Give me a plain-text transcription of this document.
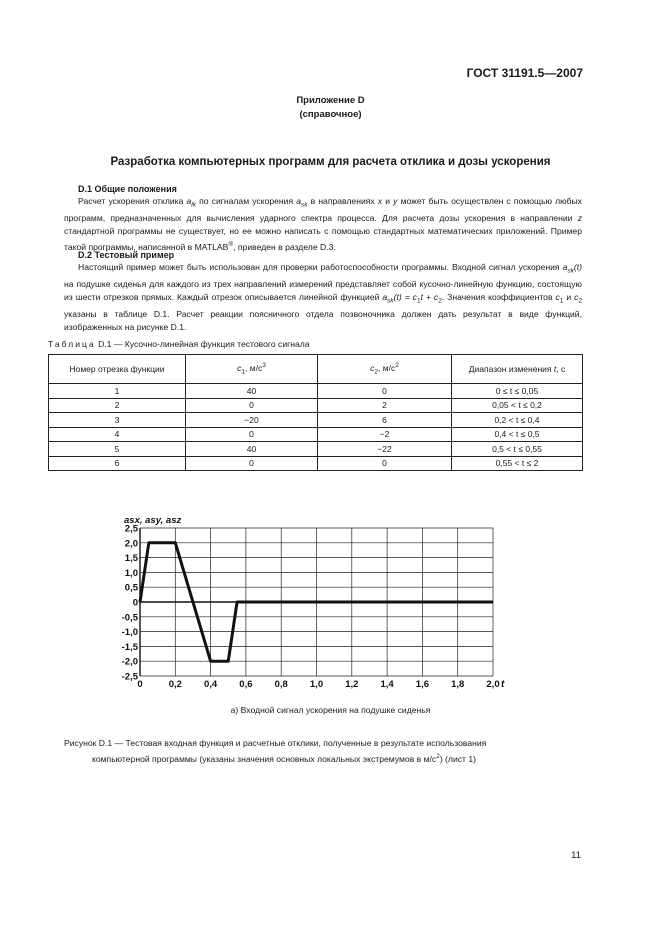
ГОСТ 31191.5—2007
Приложение D
(справочное)
Разработка компьютерных программ для расчета отклика и дозы ускорения
D.1 Общие положения

Расчет ускорения отклика $a_{lk}$ по сигналам ускорения $a_{sk}$ в направлениях x и y может быть осуществлен с помощью любых программ, предназначенных для вычисления ударного спектра процесса. Для расчета дозы ускорения в направлении z стандартной программы не существует, но ее можно написать с помощью стандартных математических приложений. Пример такой программы, написанной в MATLAB®, приведен в разделе D.3.

D.2 Тестовый пример

Настоящий пример может быть использован для проверки работоспособности программы. Входной сигнал ускорения $a_{sk}(t)$ на подушке сиденья для каждого из трех направлений измерений представляет собой кусочно-линейную функцию, состоящую из шести отрезков прямых. Каждый отрезок описывается линейной функцией $a_{sk}(t) = c_1t + c_2$. Значения коэффициентов $c_1$ и $c_2$ указаны в таблице D.1. Расчет реакции поясничного отдела позвоночника должен дать результат в виде функций, изображенных на рисунке D.1.

Таблица D.1 — Кусочно-линейная функция тестового сигнала
Номер отрезка функции	$c_1$, $м/с^3$	$c_2$, $м/с^2$	Диапазон изменения t, с
1	40	0	0 ≤ t ≤ 0,05
2	0	2	0,05 < t ≤ 0,2
3	−20	6	0,2 < t ≤ 0,4
4	0	−2	0,4 < t ≤ 0,5
5	40	−22	0,5 < t ≤ 0,55
6	0	0	0,55 < t ≤ 2
2,5
2,0
1,5
1,0
0,5
0
-0,5
-1,0
-1,5
-2,0
-2,5
0	0,2 0,4 0,6 0,8 1,0 1,2 1,4 1,6 1,8 2,0 t
asx, asy, asz
а) Входной сигнал ускорения на подушке сиденья
Рисунок D.1 — Тестовая входная функция и расчетные отклики, полученные в результате использования
компьютерной программы (указаны значения основных локальных экстремумов в $м/с^2$) (лист 1)
11
